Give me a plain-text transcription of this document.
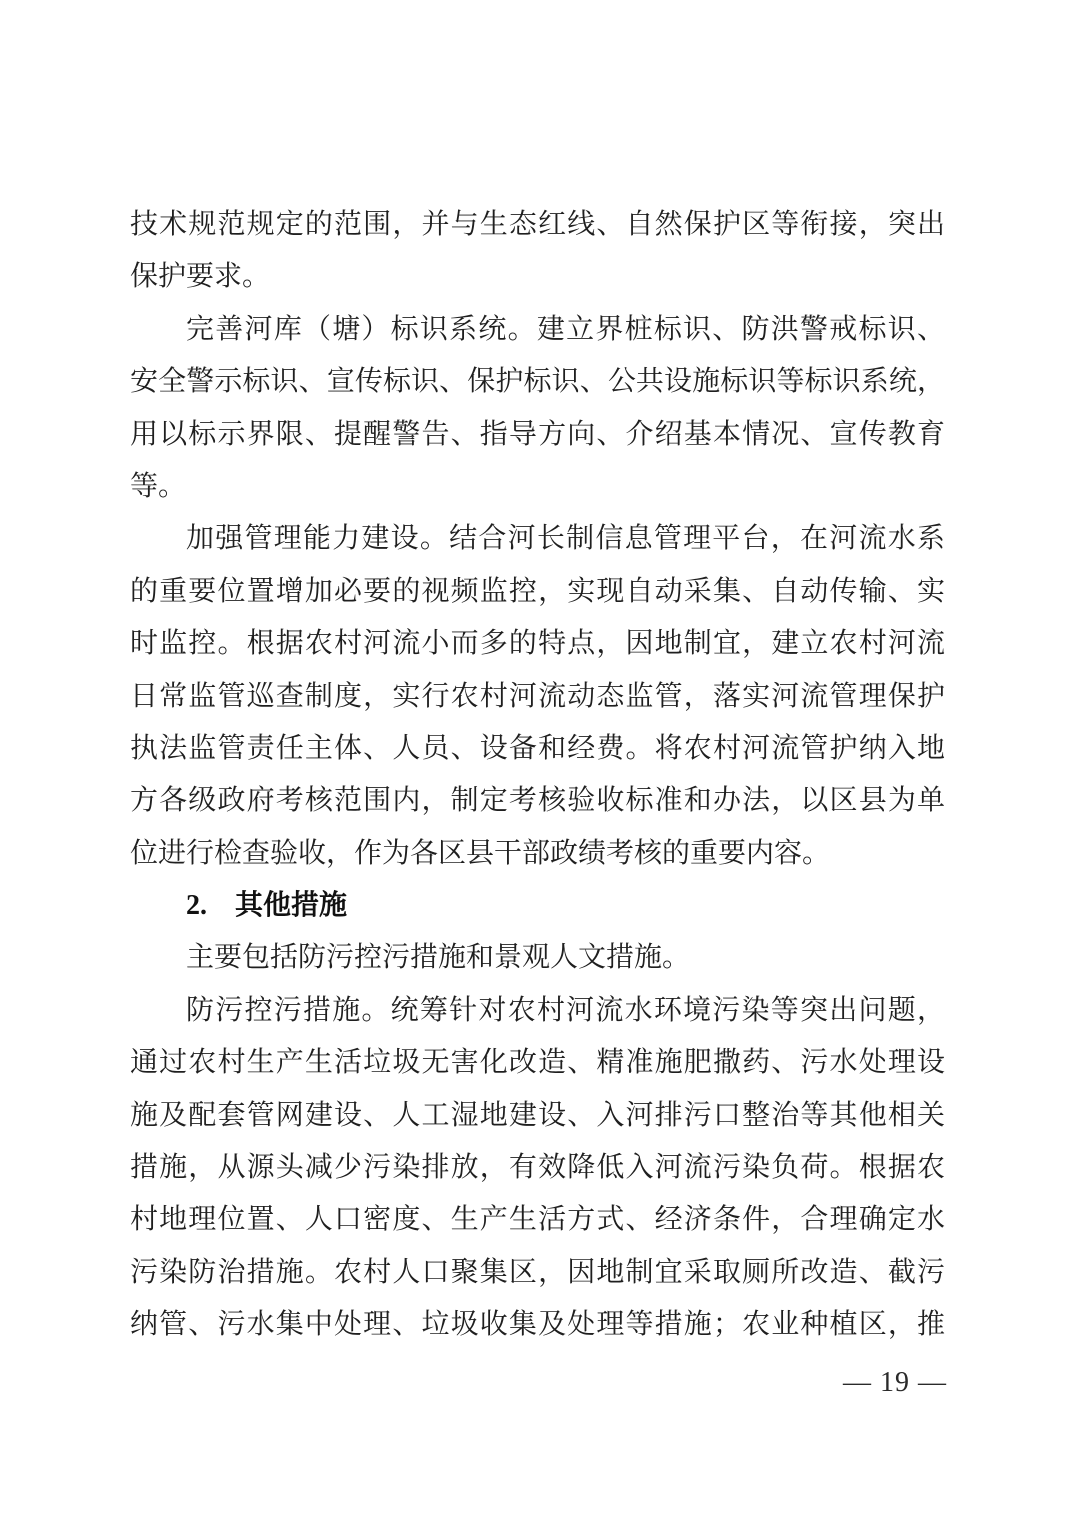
技术规范规定的范围，并与生态红线、自然保护区等衔接，突出
保护要求。
完善河库（塘）标识系统。建立界桩标识、防洪警戒标识、
安全警示标识、宣传标识、保护标识、公共设施标识等标识系统，
用以标示界限、提醒警告、指导方向、介绍基本情况、宣传教育
等。
加强管理能力建设。结合河长制信息管理平台，在河流水系
的重要位置增加必要的视频监控，实现自动采集、自动传输、实
时监控。根据农村河流小而多的特点，因地制宜，建立农村河流
日常监管巡查制度，实行农村河流动态监管，落实河流管理保护
执法监管责任主体、人员、设备和经费。将农村河流管护纳入地
方各级政府考核范围内，制定考核验收标准和办法，以区县为单
位进行检查验收，作为各区县干部政绩考核的重要内容。
2.　其他措施
主要包括防污控污措施和景观人文措施。
防污控污措施。统筹针对农村河流水环境污染等突出问题，
通过农村生产生活垃圾无害化改造、精准施肥撒药、污水处理设
施及配套管网建设、人工湿地建设、入河排污口整治等其他相关
措施，从源头减少污染排放，有效降低入河流污染负荷。根据农
村地理位置、人口密度、生产生活方式、经济条件，合理确定水
污染防治措施。农村人口聚集区，因地制宜采取厕所改造、截污
纳管、污水集中处理、垃圾收集及处理等措施；农业种植区，推
— 19 —
